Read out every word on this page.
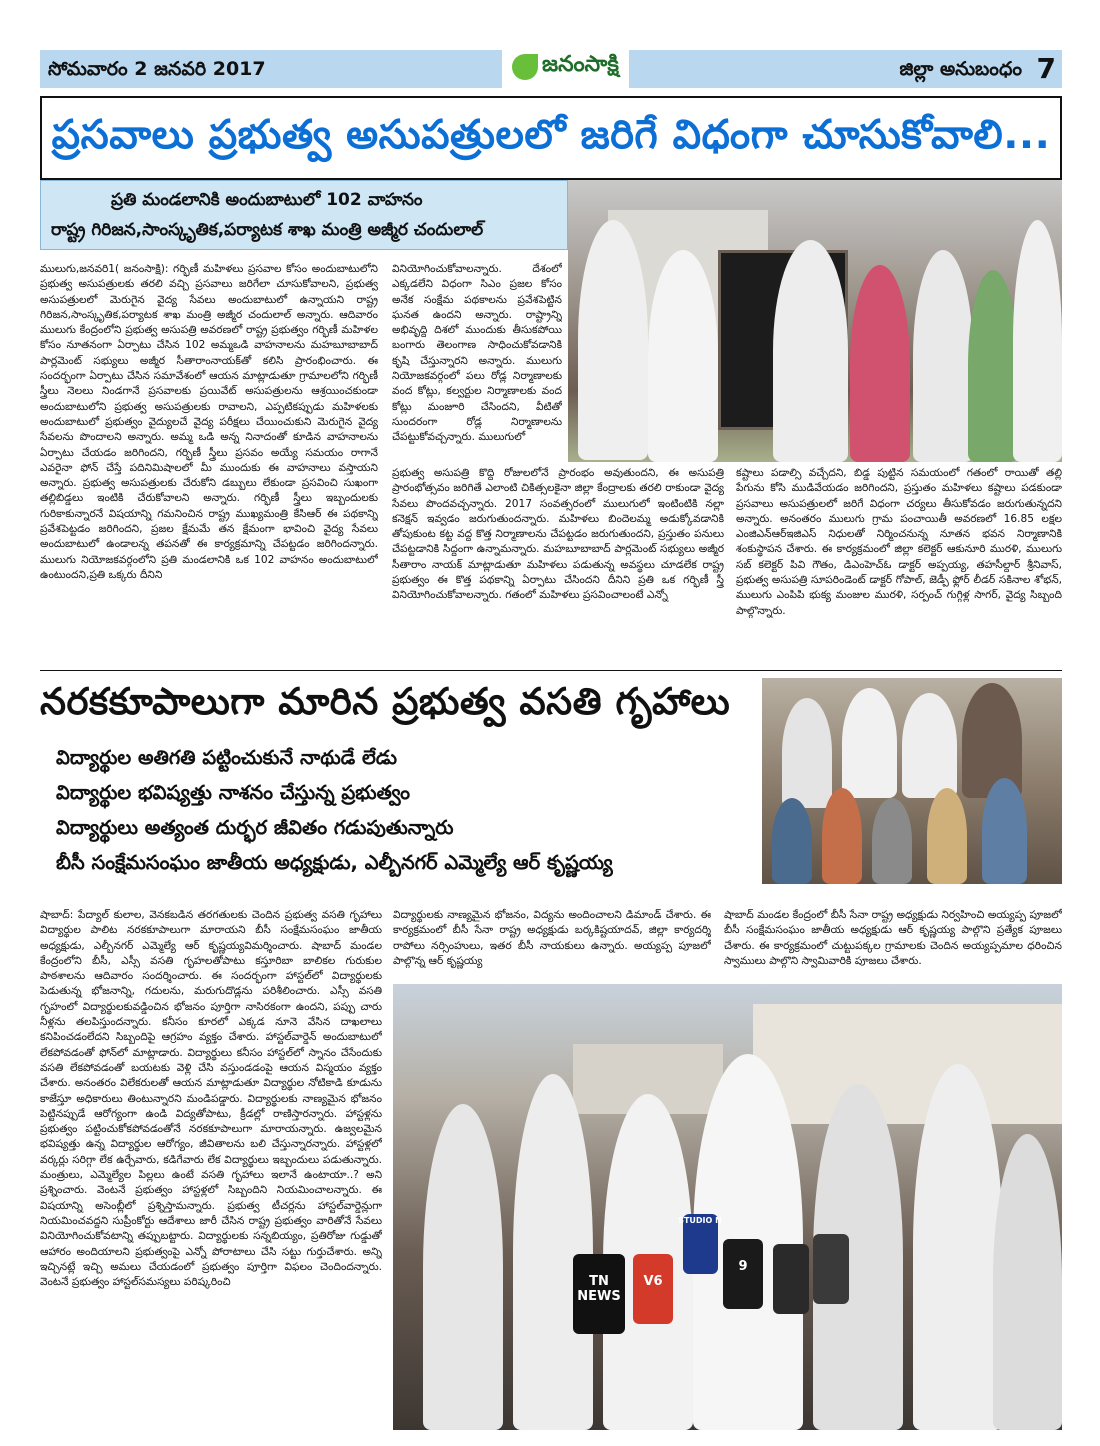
సోమవారం 2 జనవరి 2017	జనంసాక్షి	జిల్లా అనుబంధం 7
ప్రసవాలు ప్రభుత్వ అసుపత్రులలో జరిగే విధంగా చూసుకోవాలి...
ప్రతి మండలానికి అందుబాటులో 102 వాహనం
రాష్ట్ర గిరిజన,సాంస్కృతిక,పర్యాటక శాఖ మంత్రి అజ్మీర చందులాల్
ములుగు,జనవరి1( జనంసాక్షి): గర్భిణీ మహిళలు ప్రసవాల కోసం అందుబాటులోని ప్రభుత్వ అసుపత్రులకు తరలి వచ్చి ప్రసవాలు జరిగేలా చూసుకోవాలని, ప్రభుత్వ అసుపత్రులలో మెరుగైన వైద్య సేవలు అందుబాటులో ఉన్నాయని రాష్ట్ర గిరిజన,సాంస్కృతిక,పర్యాటక శాఖ మంత్రి అజ్మీర చందులాల్ అన్నారు. ఆదివారం ములుగు కేంద్రంలోని ప్రభుత్వ అసుపత్రి అవరణలో రాష్ట్ర ప్రభుత్వం గర్భిణీ మహిళల కోసం నూతనంగా ఏర్పాటు చేసిన 102 అమ్మఒడి వాహనాలను మహబూబాబాద్ పార్లమెంట్ సభ్యులు అజ్మీర సీతారాంనాయక్‌తో కలిసి ప్రారంభించారు. ఈ సందర్భంగా ఏర్పాటు చేసిన సమావేశంలో ఆయన మాట్లాడుతూ గ్రామాలలోని గర్భిణీ స్త్రీలు నెలలు నిండగానే ప్రసవాలకు ప్రయివేట్ అసుపత్రులను ఆశ్రయించకుండా అందుబాటులోని ప్రభుత్వ అసుపత్రులకు రావాలని, ఎప్పటికప్పుడు మహిళలకు అందుబాటులో ప్రభుత్వం వైద్యులచే వైద్య పరీక్షలు చేయించుకుని మెరుగైన వైద్య సేవలను పొందాలని అన్నారు. అమ్మ ఒడి అన్న నినాదంతో కూడిన వాహనాలను ఏర్పాటు చేయడం జరిగిందని, గర్భిణీ స్త్రీలు ప్రసవం అయ్యే సమయం రాగానే ఎవరైనా ఫోన్ చేస్తే పదినిమిషాలలో మీ ముందుకు ఈ వాహనాలు వస్తాయని అన్నారు. ప్రభుత్వ అసుపత్రులకు చేరుకోని డబ్బులు లేకుండా ప్రసవించి సుఖంగా తల్లిబిడ్డలు ఇంటికి చేరుకోవాలని అన్నారు. గర్భిణీ స్త్రీలు ఇబ్బందులకు గురికాకున్నారనే విషయాన్ని గమనించిన రాష్ట్ర ముఖ్యమంత్రి కేసిఆర్ ఈ పథకాన్ని ప్రవేశపెట్టడం జరిగిందని, ప్రజల క్షేమమే తన క్షేమంగా భావించి వైద్య సేవలు అందుబాటులో ఉండాలన్న తపనతో ఈ కార్యక్రమాన్ని చేపట్టడం జరిగిందన్నారు. ములుగు నియోజకవర్గంలోని ప్రతి మండలానికి ఒక 102 వాహనం అందుబాటులో ఉంటుందని,ప్రతి ఒక్కరు దీనిని
వినియోగించుకోవాలన్నారు. దేశంలో ఎక్కడలేని విధంగా సిఎం ప్రజల కోసం అనేక సంక్షేమ పథకాలను ప్రవేశపెట్టిన ఘనత ఉందని అన్నారు. రాష్ట్రాన్ని అభివృద్ది దిశలో ముందుకు తీసుకపోయి బంగారు తెలంగాణ సాధించుకోవడానికి కృషి చేస్తున్నారని అన్నారు. ములుగు నియోజకవర్గంలో పలు రోడ్ల నిర్మాణాలకు వంద కోట్లు, కల్వర్టుల నిర్మాణాలకు వంద కోట్లు మంజూరి చేసిందని, వీటితో సుందరంగా రోడ్ల నిర్మాణాలను చేపట్టుకోవచ్చన్నారు. ములుగులో
ప్రభుత్వ అసుపత్రి కొద్ది రోజులలోనే ప్రారంభం అవుతుందని, ఈ అసుపత్రి ప్రారంభోత్సవం జరిగితే ఎలాంటి చికిత్సలకైనా జిల్లా కేంద్రాలకు తరలి రాకుండా వైద్య సేవలు పొందవచ్చన్నారు. 2017 సంవత్సరంలో ములుగులో ఇంటింటికి నల్లా కనెక్షన్ ఇవ్వడం జరుగుతుందన్నారు. మహిళలు బిందెలమ్మ అడుక్కోవడానికి తోపుకుంట కట్ట వద్ద కొత్త నిర్మాణాలను చేపట్టడం జరుగుతుందని, ప్రస్తుతం పనులు చేపట్టడానికి సిద్దంగా ఉన్నామన్నారు. మహబూబాబాద్ పార్లమెంట్ సభ్యులు అజ్మీర సీతారాం నాయక్ మాట్లాడుతూ మహిళలు పడుతున్న అవస్థలు చూడలేక రాష్ట్ర ప్రభుత్వం ఈ కొత్త పథకాన్ని ఏర్పాటు చేసిందని దీనిని ప్రతి ఒక గర్భిణీ స్త్రీ వినియోగించుకోవాలన్నారు. గతంలో మహిళలు ప్రసవించాలంటే ఎన్నో
కష్టాలు పడాల్సి వచ్చేదని, బిడ్డ పుట్టిన సమయంలో గతంలో రాయితో తల్లి పేగును కోసి ముడివేయడం జరిగిందని, ప్రస్తుతం మహిళలు కష్టాలు పడకుండా ప్రసవాలు అసుపత్రులలో జరిగే విధంగా చర్యలు తీసుకోవడం జరుగుతున్నదని అన్నారు. అనంతరం ములుగు గ్రామ పంచాయితీ అవరణలో 16.85 లక్షల ఎంజిఎన్ఆర్ఇజిఎస్ నిధులతో నిర్మించనున్న నూతన భవన నిర్మాణానికి శంకుస్థాపన చేశారు. ఈ కార్యక్రమంలో జిల్లా కలెక్టర్ ఆకునూరి మురళి, ములుగు సబ్ కలెక్టర్ పివి గౌతం, డిఎంహెచ్‌ఓ డాక్టర్ అప్పయ్య, తహసీల్దార్ శ్రీనివాస్, ప్రభుత్వ అసుపత్రి సూపరిండెంట్ డాక్టర్ గోపాల్, జెడ్పీ ఫ్లోర్ లీడర్ సకినాల శోభన్, ములుగు ఎంపిపి భుక్య మంజుల మురళి, సర్పంచ్ గుగ్గిళ్ల సాగర్, వైద్య సిబ్బంది పాల్గొన్నారు.
నరకకూపాలుగా మారిన ప్రభుత్వ వసతి గృహాలు
విద్యార్థుల అతిగతి పట్టించుకునే నాథుడే లేడు
విద్యార్థుల భవిష్యత్తు నాశనం చేస్తున్న ప్రభుత్వం
విద్యార్థులు అత్యంత దుర్భర జీవితం గడుపుతున్నారు
బీసీ సంక్షేమసంఘం జాతీయ అధ్యక్షుడు, ఎల్బీనగర్ ఎమ్మెల్యే ఆర్ కృష్ణయ్య
షాబాద్: పేద్యాల్ కులాల, వెనకబడిన తరగతులకు చెందిన ప్రభుత్వ వసతి గృహాలు విద్యార్థుల పాలిట నరకకూపాలుగా మారాయని బీసీ సంక్షేమసంఘం జాతీయ అధ్యక్షుడు, ఎల్బీనగర్ ఎమ్మెల్యే ఆర్ కృష్ణయ్యవిమర్శించారు. షాబాద్ మండల కేంద్రంలోని బీసీ, ఎస్సీ వసతి గృహలతోపాటు కస్తూరిబా బాలికల గురుకుల పాఠశాలను ఆదివారం సందర్శించారు. ఈ సందర్భంగా హాస్టల్‌లో విద్యార్థులకు పెడుతున్న భోజనాన్ని, గదులను, మరుగుదొడ్లను పరిశీలించారు. ఎస్సీ వసతి గృహంలో విద్యార్థులకువడ్డించిన భోజనం పూర్తిగా నాసిరకంగా ఉందని, పప్పు చారు నీళ్లను తలపిస్తుందన్నారు. కనీసం కూరలో ఎక్కడ నూనె వేసిన దాఖలాలు కనిపించడంలేదని సిబ్బందిపై ఆగ్రహం వ్యక్తం చేశారు. హాస్టల్‌వార్డెన్ అందుబాటులో లేకపోవడంతో ఫోన్‌లో మాట్లాడారు. విద్యార్థులు కనీసం హాస్టల్‌లో స్నానం చేసేందుకు వసతి లేకపోవడంతో బయటకు వెళ్లి చేసి వస్తుండడంపై ఆయన విస్మయం వ్యక్తం చేశారు. అనంతరం విలేకరులతో ఆయన మాట్లాడుతూ విద్యార్థుల నోటికాడి కూడును కాజేస్తూ అధికారులు తింటున్నారని మండిపడ్డారు. విద్యార్థులకు నాణ్యమైన భోజనం పెట్టినప్పుడే ఆరోగ్యంగా ఉండి విద్యతోపాటు, క్రీడల్లో రాణిస్తారన్నారు. హాస్టళ్లను ప్రభుత్వం పట్టించుకోకపోవడంతోనే నరకకూపాలుగా మారాయన్నారు. ఉజ్వలమైన భవిష్యత్తు ఉన్న విద్యార్థుల ఆరోగ్యం, జీవితాలను బలి చేస్తున్నారన్నారు. హాస్టళ్లలో వర్కర్లు సరిగ్గా లేక ఉర్చేవారు, కడిగేవారు లేక విద్యార్థులు ఇబ్బందులు పడుతున్నారు. మంత్రులు, ఎమ్మెల్యేల పిల్లలు ఉంటే వసతి గృహాలు ఇలానే ఉంటాయా..? అని ప్రశ్నించారు. వెంటనే ప్రభుత్వం హాస్టళ్లలో సిబ్బందిని నియమించాలన్నారు. ఈ విషయాన్ని అసెంబ్లీలో ప్రశ్నిస్తామన్నారు. ప్రభుత్వ టీచర్లను హాస్టల్‌వార్డెన్లుగా నియమించవద్దని సుప్రీంకోర్టు ఆదేశాలు జారీ చేసిన రాష్ట్ర ప్రభుత్వం వారితోనే సేవలు వినియోగించుకోవటాన్ని తప్పుబట్టారు. విద్యార్థులకు సన్నబియ్యం, ప్రతిరోజు గుడ్డుతో ఆహారం అందియాలని ప్రభుత్వంపై ఎన్నో పోరాటాలు చేసి సట్టు గుర్తుచేశారు. అన్ని ఇచ్చినట్లే ఇచ్చి అమలు చేయడంలో ప్రభుత్వం పూర్తిగా విఫలం చెందిందన్నారు. వెంటనే ప్రభుత్వం హాస్టల్‌సమస్యలు పరిష్కరించి
విద్యార్థులకు నాణ్యమైన భోజనం, విద్యను అందించాలని డిమాండ్ చేశారు. ఈ కార్యక్రమంలో బీసీ సేనా రాష్ట్ర అధ్యక్షుడు బర్కకిష్టయాదవ్, జిల్లా కార్యదర్శి రాపోలు నర్సింహులు, ఇతర బీసీ నాయకులు ఉన్నారు. అయ్యప్ప పూజలో పాల్గొన్న ఆర్ కృష్ణయ్య
షాబాద్ మండల కేంద్రంలో బీసీ సేనా రాష్ట్ర అధ్యక్షుడు నిర్వహించి అయ్యప్ప పూజలో బీసీ సంక్షేమసంఘం జాతీయ అధ్యక్షుడు ఆర్ కృష్ణయ్య పాల్గొని ప్రత్యేక పూజలు చేశారు. ఈ కార్యక్రమంలో చుట్టుపక్కల గ్రామాలకు చెందిన అయ్యప్పమాల ధరించిన స్వాములు పాల్గొని స్వామివారికి పూజలు చేశారు.
TN NEWS
V6
9
STUDIO N
